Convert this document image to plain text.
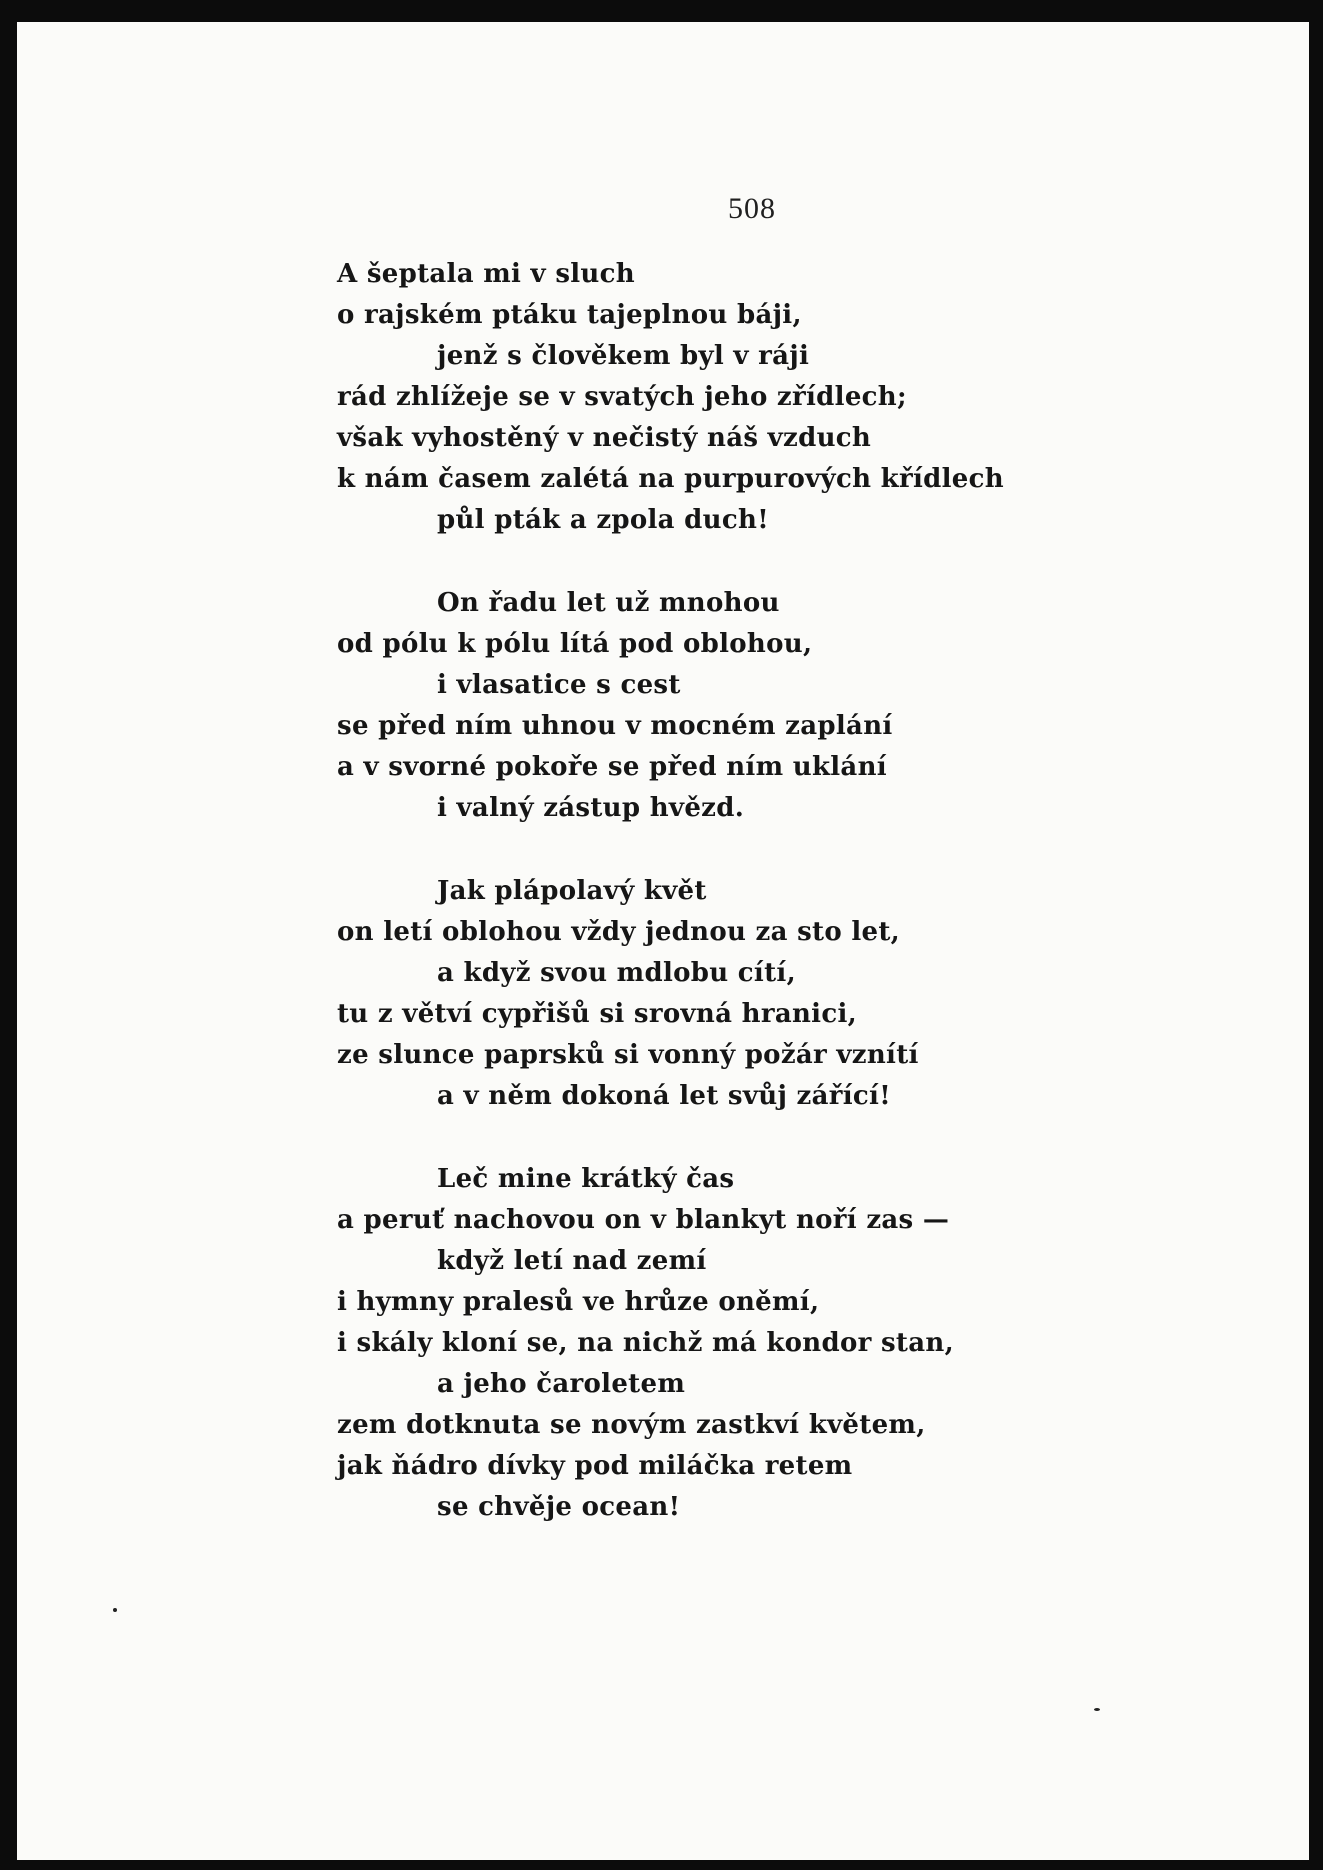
508
A šeptala mi v sluch
o rajském ptáku tajeplnou báji,
jenž s člověkem byl v ráji
rád zhlížeje se v svatých jeho zřídlech;
však vyhostěný v nečistý náš vzduch
k nám časem zalétá na purpurových křídlech
půl pták a zpola duch!
On řadu let už mnohou
od pólu k pólu lítá pod oblohou,
i vlasatice s cest
se před ním uhnou v mocném zaplání
a v svorné pokoře se před ním uklání
i valný zástup hvězd.
Jak plápolavý květ
on letí oblohou vždy jednou za sto let,
a když svou mdlobu cítí,
tu z větví cypřišů si srovná hranici,
ze slunce paprsků si vonný požár vznítí
a v něm dokoná let svůj zářící!
Leč mine krátký čas
a peruť nachovou on v blankyt noří zas —
když letí nad zemí
i hymny pralesů ve hrůze oněmí,
i skály kloní se, na nichž má kondor stan,
a jeho čaroletem
zem dotknuta se novým zastkví květem,
jak ňádro dívky pod miláčka retem
se chvěje ocean!
